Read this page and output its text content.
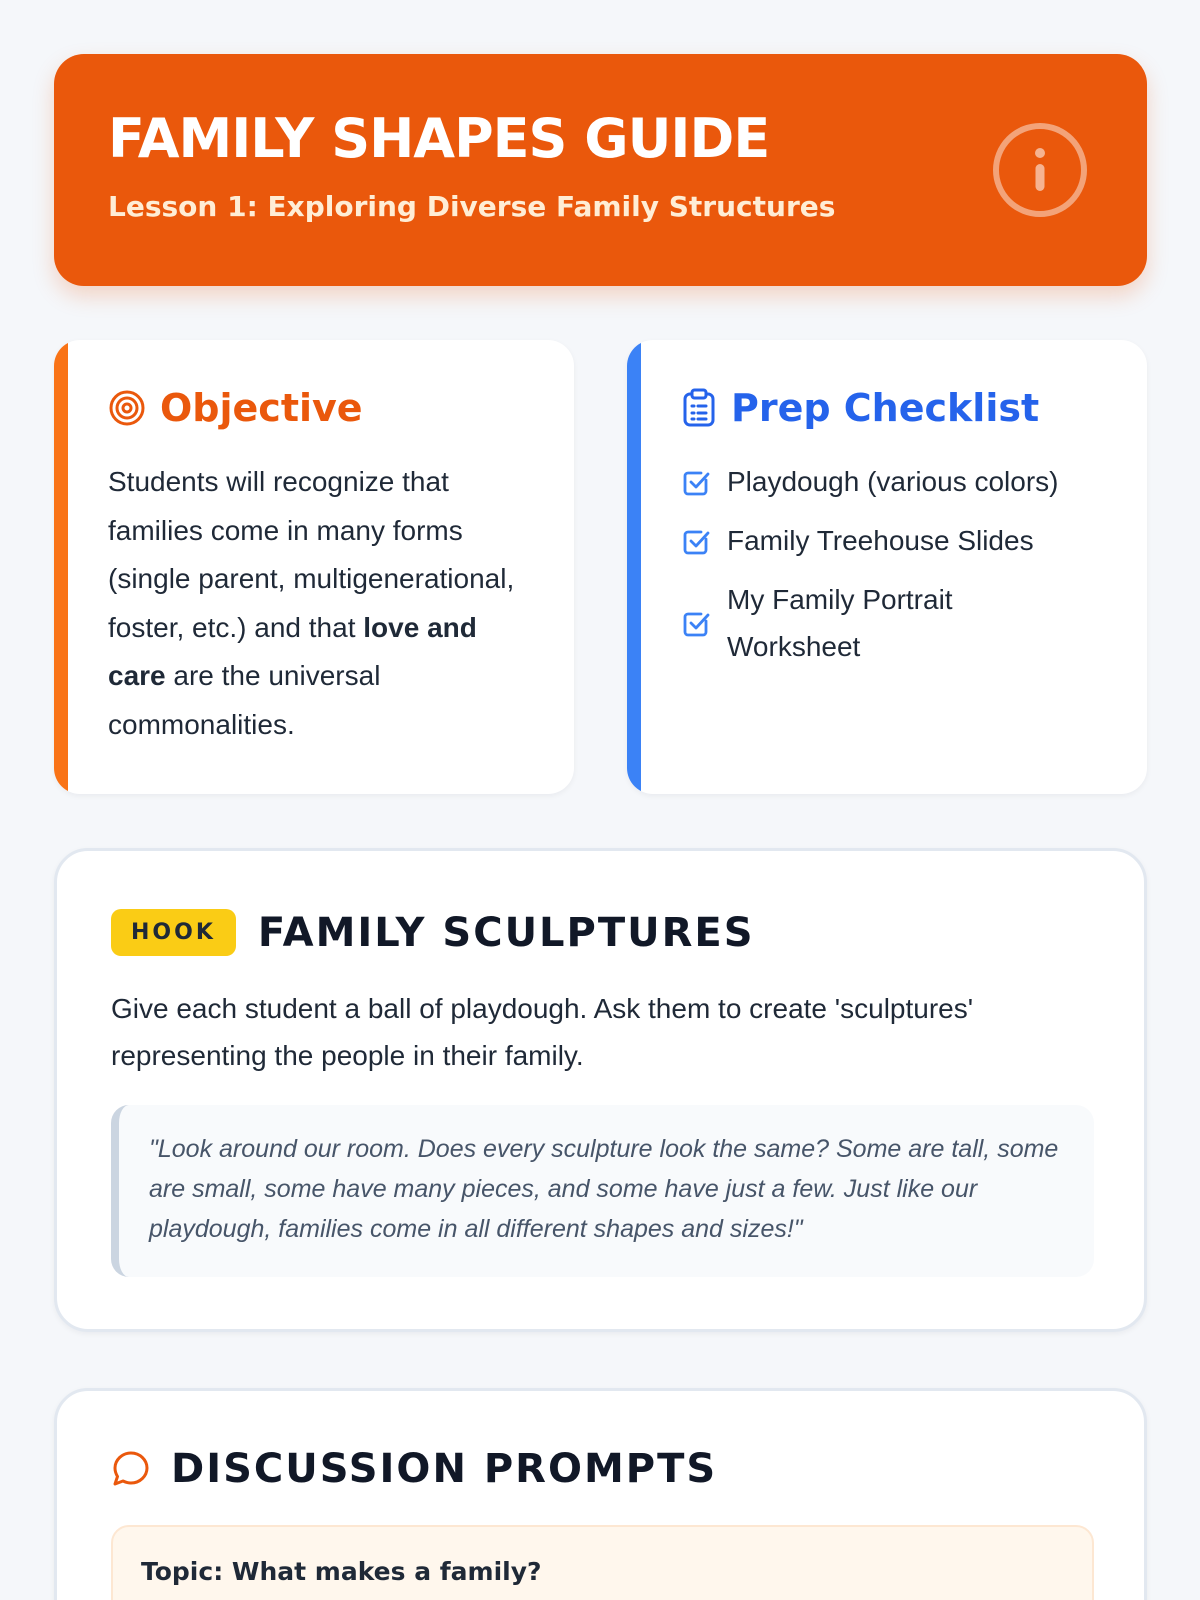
FAMILY SHAPES GUIDE
Lesson 1: Exploring Diverse Family Structures
Objective

Students will recognize that families come in many forms (single parent, multigenerational, foster, etc.) and that love and care are the universal commonalities.

Prep Checklist
Playdough (various colors)
Family Treehouse Slides
My Family Portrait Worksheet
HOOK	FAMILY SCULPTURES

Give each student a ball of playdough. Ask them to create 'sculptures' representing the people in their family.

"Look around our room. Does every sculpture look the same? Some are tall, some are small, some have many pieces, and some have just a few. Just like our playdough, families come in all different shapes and sizes!"
DISCUSSION PROMPTS
Topic: What makes a family?
